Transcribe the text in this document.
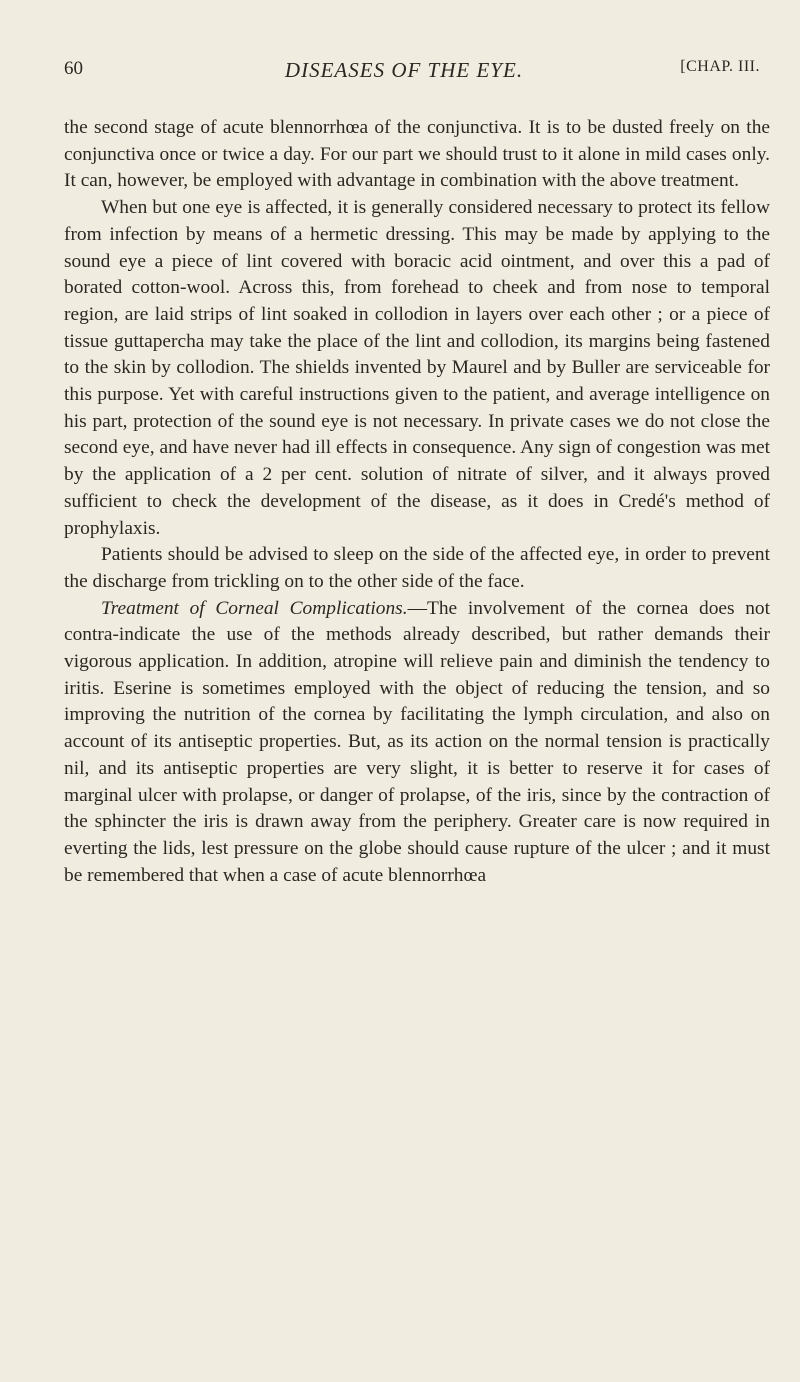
60	DISEASES OF THE EYE.	[CHAP. III.

the second stage of acute blennorrhœa of the conjunctiva. It is to be dusted freely on the conjunctiva once or twice a day. For our part we should trust to it alone in mild cases only. It can, however, be employed with advantage in combination with the above treatment.

When but one eye is affected, it is generally considered necessary to protect its fellow from infection by means of a hermetic dressing. This may be made by applying to the sound eye a piece of lint covered with boracic acid ointment, and over this a pad of borated cotton-wool. Across this, from forehead to cheek and from nose to temporal region, are laid strips of lint soaked in collodion in layers over each other ; or a piece of tissue guttapercha may take the place of the lint and collodion, its margins being fastened to the skin by collodion. The shields invented by Maurel and by Buller are serviceable for this purpose. Yet with careful instructions given to the patient, and average intelligence on his part, protection of the sound eye is not necessary. In private cases we do not close the second eye, and have never had ill effects in consequence. Any sign of congestion was met by the application of a 2 per cent. solution of nitrate of silver, and it always proved sufficient to check the development of the disease, as it does in Credé's method of prophylaxis.

Patients should be advised to sleep on the side of the affected eye, in order to prevent the discharge from trickling on to the other side of the face.

Treatment of Corneal Complications.—The involvement of the cornea does not contra-indicate the use of the methods already described, but rather demands their vigorous application. In addition, atropine will relieve pain and diminish the tendency to iritis. Eserine is sometimes employed with the object of reducing the tension, and so improving the nutrition of the cornea by facilitating the lymph circulation, and also on account of its antiseptic properties. But, as its action on the normal tension is practically nil, and its antiseptic properties are very slight, it is better to reserve it for cases of marginal ulcer with prolapse, or danger of prolapse, of the iris, since by the contraction of the sphincter the iris is drawn away from the periphery. Greater care is now required in everting the lids, lest pressure on the globe should cause rupture of the ulcer ; and it must be remembered that when a case of acute blennorrhœa
